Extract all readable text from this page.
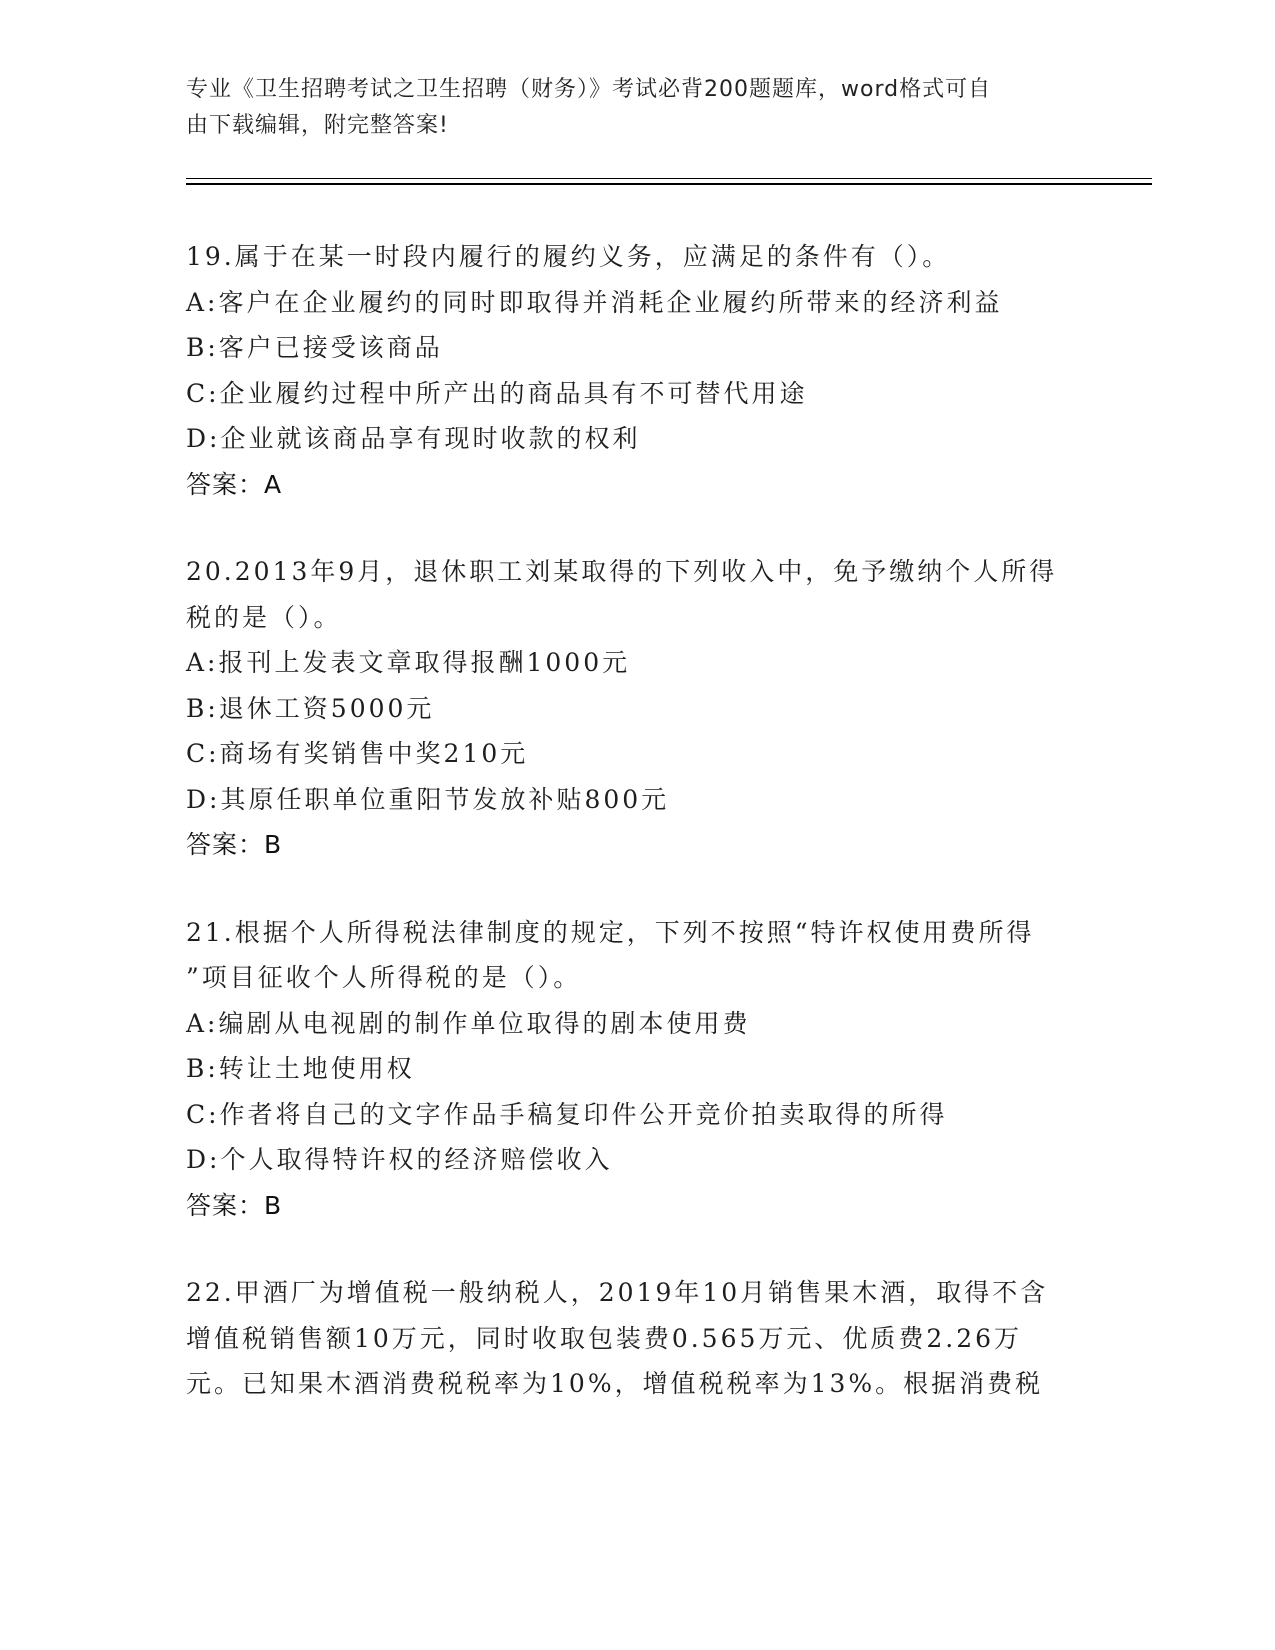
专业《卫生招聘考试之卫生招聘（财务）》考试必背200题题库，word格式可自
由下载编辑，附完整答案!
19.属于在某一时段内履行的履约义务，应满足的条件有（）。
A:客户在企业履约的同时即取得并消耗企业履约所带来的经济利益
B:客户已接受该商品
C:企业履约过程中所产出的商品具有不可替代用途
D:企业就该商品享有现时收款的权利
答案：A
20.2013年9月，退休职工刘某取得的下列收入中，免予缴纳个人所得
税的是（）。
A:报刊上发表文章取得报酬1000元
B:退休工资5000元
C:商场有奖销售中奖210元
D:其原任职单位重阳节发放补贴800元
答案：B
21.根据个人所得税法律制度的规定，下列不按照“特许权使用费所得
”项目征收个人所得税的是（）。
A:编剧从电视剧的制作单位取得的剧本使用费
B:转让土地使用权
C:作者将自己的文字作品手稿复印件公开竞价拍卖取得的所得
D:个人取得特许权的经济赔偿收入
答案：B
22.甲酒厂为增值税一般纳税人，2019年10月销售果木酒，取得不含
增值税销售额10万元，同时收取包装费0.565万元、优质费2.26万
元。已知果木酒消费税税率为10%，增值税税率为13%。根据消费税
